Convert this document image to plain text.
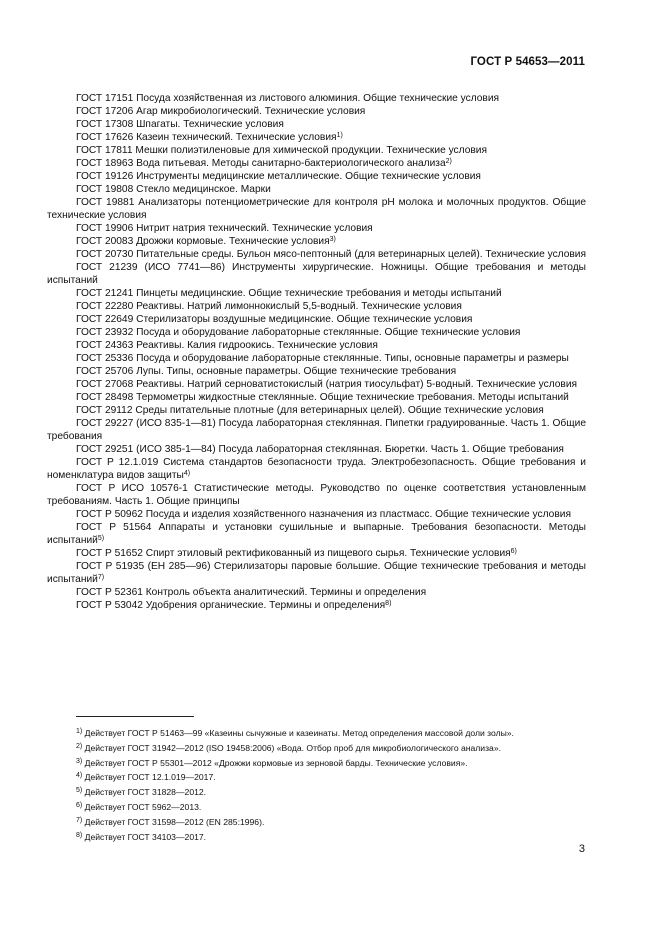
ГОСТ Р 54653—2011

ГОСТ 17151 Посуда хозяйственная из листового алюминия. Общие технические условия

ГОСТ 17206 Агар микробиологический. Технические условия

ГОСТ 17308 Шпагаты. Технические условия

ГОСТ 17626 Казеин технический. Технические условия$^{1)}$

ГОСТ 17811 Мешки полиэтиленовые для химической продукции. Технические условия

ГОСТ 18963 Вода питьевая. Методы санитарно-бактериологического анализа$^{2)}$

ГОСТ 19126 Инструменты медицинские металлические. Общие технические условия

ГОСТ 19808 Стекло медицинское. Марки

ГОСТ 19881 Анализаторы потенциометрические для контроля pH молока и молочных продуктов. Общие технические условия

ГОСТ 19906 Нитрит натрия технический. Технические условия

ГОСТ 20083 Дрожжи кормовые. Технические условия$^{3)}$

ГОСТ 20730 Питательные среды. Бульон мясо-пептонный (для ветеринарных целей). Технические условия

ГОСТ 21239 (ИСО 7741—86) Инструменты хирургические. Ножницы. Общие требования и методы испытаний

ГОСТ 21241 Пинцеты медицинские. Общие технические требования и методы испытаний

ГОСТ 22280 Реактивы. Натрий лимоннокислый 5,5-водный. Технические условия

ГОСТ 22649 Стерилизаторы воздушные медицинские. Общие технические условия

ГОСТ 23932 Посуда и оборудование лабораторные стеклянные. Общие технические условия

ГОСТ 24363 Реактивы. Калия гидроокись. Технические условия

ГОСТ 25336 Посуда и оборудование лабораторные стеклянные. Типы, основные параметры и размеры

ГОСТ 25706 Лупы. Типы, основные параметры. Общие технические требования

ГОСТ 27068 Реактивы. Натрий серноватистокислый (натрия тиосульфат) 5-водный. Технические условия

ГОСТ 28498 Термометры жидкостные стеклянные. Общие технические требования. Методы испытаний

ГОСТ 29112 Среды питательные плотные (для ветеринарных целей). Общие технические условия

ГОСТ 29227 (ИСО 835-1—81) Посуда лабораторная стеклянная. Пипетки градуированные. Часть 1. Общие требования

ГОСТ 29251 (ИСО 385-1—84) Посуда лабораторная стеклянная. Бюретки. Часть 1. Общие требования

ГОСТ Р 12.1.019 Система стандартов безопасности труда. Электробезопасность. Общие требования и номенклатура видов защиты$^{4)}$

ГОСТ Р ИСО 10576-1 Статистические методы. Руководство по оценке соответствия установленным требованиям. Часть 1. Общие принципы

ГОСТ Р 50962 Посуда и изделия хозяйственного назначения из пластмасс. Общие технические условия

ГОСТ Р 51564 Аппараты и установки сушильные и выпарные. Требования безопасности. Методы испытаний$^{5)}$

ГОСТ Р 51652 Спирт этиловый ректификованный из пищевого сырья. Технические условия$^{6)}$

ГОСТ Р 51935 (ЕН 285—96) Стерилизаторы паровые большие. Общие технические требования и методы испытаний$^{7)}$

ГОСТ Р 52361 Контроль объекта аналитический. Термины и определения

ГОСТ Р 53042 Удобрения органические. Термины и определения$^{8)}$

$^{1)}$ Действует ГОСТ Р 51463—99 «Казеины сычужные и казеинаты. Метод определения массовой доли золы».

$^{2)}$ Действует ГОСТ 31942—2012 (ISO 19458:2006) «Вода. Отбор проб для микробиологического анализа».

$^{3)}$ Действует ГОСТ Р 55301—2012 «Дрожжи кормовые из зерновой барды. Технические условия».

$^{4)}$ Действует ГОСТ 12.1.019—2017.

$^{5)}$ Действует ГОСТ 31828—2012.

$^{6)}$ Действует ГОСТ 5962—2013.

$^{7)}$ Действует ГОСТ 31598—2012 (EN 285:1996).

$^{8)}$ Действует ГОСТ 34103—2017.

3
